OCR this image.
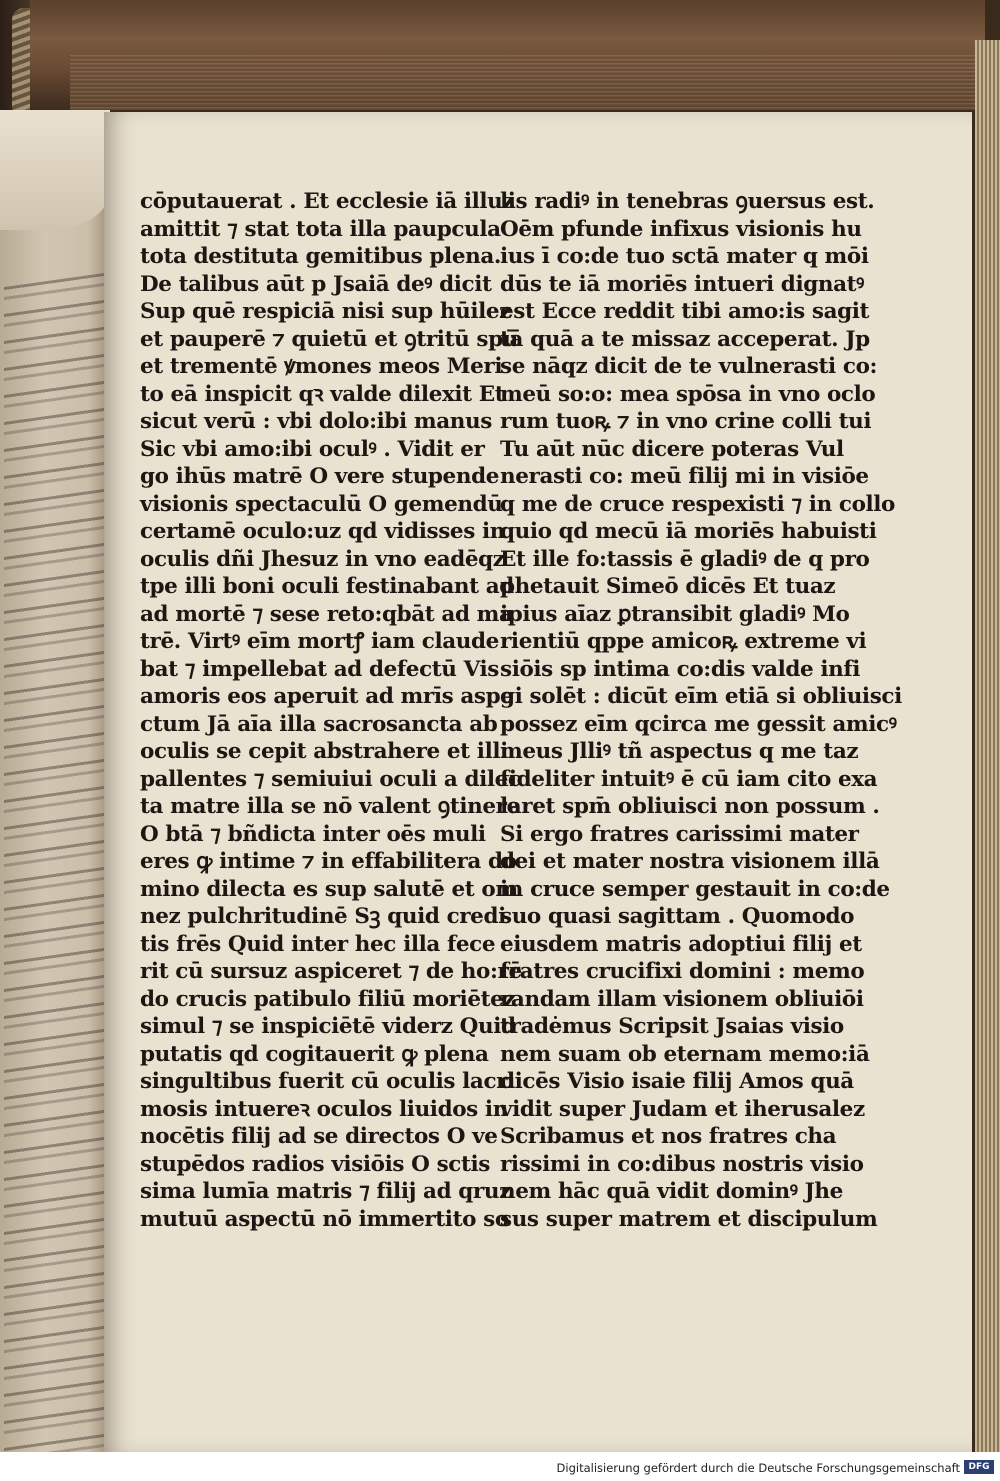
cōputauerat . Et ecclesie iā illuz
amittit ⁊ stat tota illa paupcula
tota destituta gemitibus plena.
De talibus aūt p Jsaiā deꝰ dicit
Sup quē respiciā nisi sup hūilez
et pauperē ⁊ quietū et ꝯtritū spū
et trementē ꝟmones meos Meri
to eā inspicit qꝛ valde dilexit Et
sicut verū : vbi dolo:ibi manus
Sic vbi amo:ibi oculꝰ . Vidit er
go ihūs matrē O vere stupende
visionis spectaculū O gemendū
certamē oculo:uz qd vidisses in
oculis dñi Jhesuz in vno eadēqz
tpe illi boni oculi festinabant ad
ad mortē ⁊ sese reto:qbāt ad ma
trē. Virtꝰ eīm mortꝭ iam claude
bat ⁊ impellebat ad defectū Vis
amoris eos aperuit ad mrīs aspe
ctum Jā aīa illa sacrosancta ab
oculis se cepit abstrahere et illi
pallentes ⁊ semiuiui oculi a dilec
ta matre illa se nō valent ꝯtinere
O btā ⁊ bñdicta inter oēs muli
eres ꝙ intime ⁊ in effabilitera do
mino dilecta es sup salutē et om
nez pulchritudinē Sꝫ quid credi
tis frēs Quid inter hec illa fece
rit cū sursuz aspiceret ⁊ de ho:rē
do crucis patibulo filiū moriētez
simul ⁊ se inspiciētē viderz Quid
putatis qd cogitauerit ꝙ plena
singultibus fuerit cū oculis lacri
mosis intuereꝛ oculos liuidos in
nocētis filij ad se directos O ve
stupēdos radios visiōis O sctis
sima lumīa matris ⁊ filij ad qruz
mutuū aspectū nō immertito so
lis radiꝰ in tenebras ꝯuersus est.
Oēm pfunde infixus visionis hu
ius ī co:de tuo sctā mater q mōi
dūs te iā moriēs intueri dignatꝰ
est Ecce reddit tibi amo:is sagit
tā quā a te missaz acceperat. Jp
se nāqz dicit de te vulnerasti co:
meū so:o: mea spōsa in vno oclo
rum tuoꝶ ⁊ in vno crine colli tui
Tu aūt nūc dicere poteras Vul
nerasti co: meū filij mi in visiōe
q me de cruce respexisti ⁊ in collo
quio qd mecū iā moriēs habuisti
Et ille fo:tassis ē gladiꝰ de q pro
phetauit Simeō dicēs Et tuaz
ipius aīaz ꝑtransibit gladiꝰ Mo
rientiū qppe amicoꝶ extreme vi
siōis sp intima co:dis valde infi
gi solēt : dicūt eīm etiā si obliuisci
possez eīm qcirca me gessit amicꝰ
meus Jlliꝰ tñ aspectus q me taz
fideliter intuitꝰ ē cū iam cito exa
laret spm̄ obliuisci non possum .
Si ergo fratres carissimi mater
dei et mater nostra visionem illā
in cruce semper gestauit in co:de
suo quasi sagittam . Quomodo
eiusdem matris adoptiui filij et
fratres crucifixi domini : memo
randam illam visionem obliuiōi
tradėmus Scripsit Jsaias visio
nem suam ob eternam memo:iā
dicēs Visio isaie filij Amos quā
vidit super Judam et iherusalez
Scribamus et nos fratres cha
rissimi in co:dibus nostris visio
nem hāc quā vidit dominꝰ Jhe
sus super matrem et discipulum
Digitalisierung gefördert durch die Deutsche Forschungsgemeinschaft DFG
